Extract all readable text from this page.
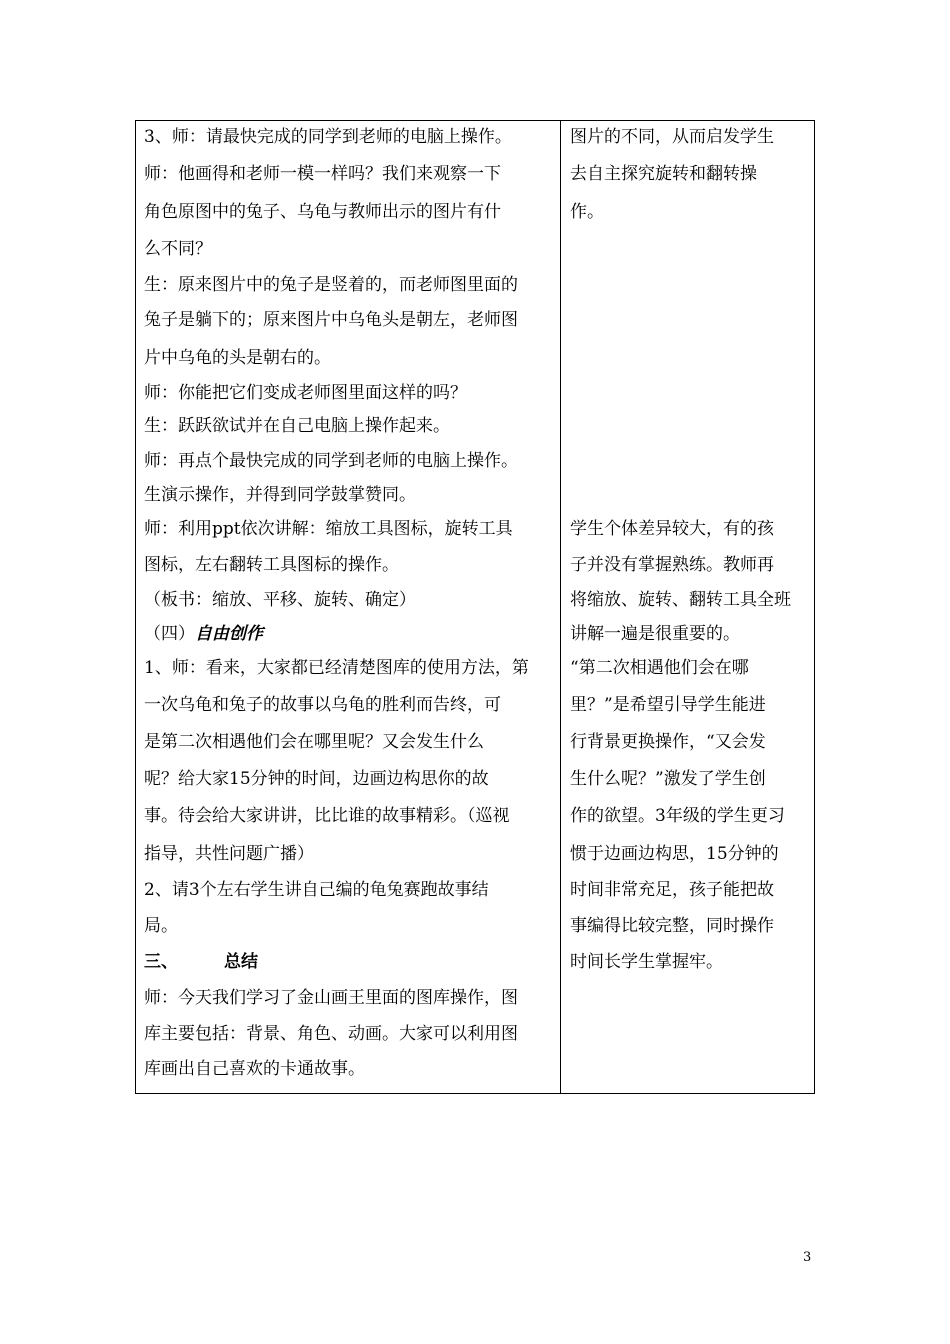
3、师：请最快完成的同学到老师的电脑上操作。
师：他画得和老师一模一样吗？我们来观察一下
角色原图中的兔子、乌龟与教师出示的图片有什
么不同？
生：原来图片中的兔子是竖着的，而老师图里面的
兔子是躺下的；原来图片中乌龟头是朝左，老师图
片中乌龟的头是朝右的。
师：你能把它们变成老师图里面这样的吗？
生：跃跃欲试并在自己电脑上操作起来。
师：再点个最快完成的同学到老师的电脑上操作。
生演示操作，并得到同学鼓掌赞同。
师：利用ppt依次讲解：缩放工具图标，旋转工具
图标，左右翻转工具图标的操作。
（板书：缩放、平移、旋转、确定）
（四）自由创作
1、师：看来，大家都已经清楚图库的使用方法，第
一次乌龟和兔子的故事以乌龟的胜利而告终，可
是第二次相遇他们会在哪里呢？又会发生什么
呢？给大家15分钟的时间，边画边构思你的故
事。待会给大家讲讲，比比谁的故事精彩。（巡视
指导，共性问题广播）
2、请3个左右学生讲自己编的龟兔赛跑故事结
局。
三、	总结
师：今天我们学习了金山画王里面的图库操作，图
库主要包括：背景、角色、动画。大家可以利用图
库画出自己喜欢的卡通故事。
图片的不同，从而启发学生
去自主探究旋转和翻转操
作。
学生个体差异较大，有的孩
子并没有掌握熟练。教师再
将缩放、旋转、翻转工具全班
讲解一遍是很重要的。
“第二次相遇他们会在哪
里？”是希望引导学生能进
行背景更换操作，“又会发
生什么呢？”激发了学生创
作的欲望。3年级的学生更习
惯于边画边构思，15分钟的
时间非常充足，孩子能把故
事编得比较完整，同时操作
时间长学生掌握牢。
3
